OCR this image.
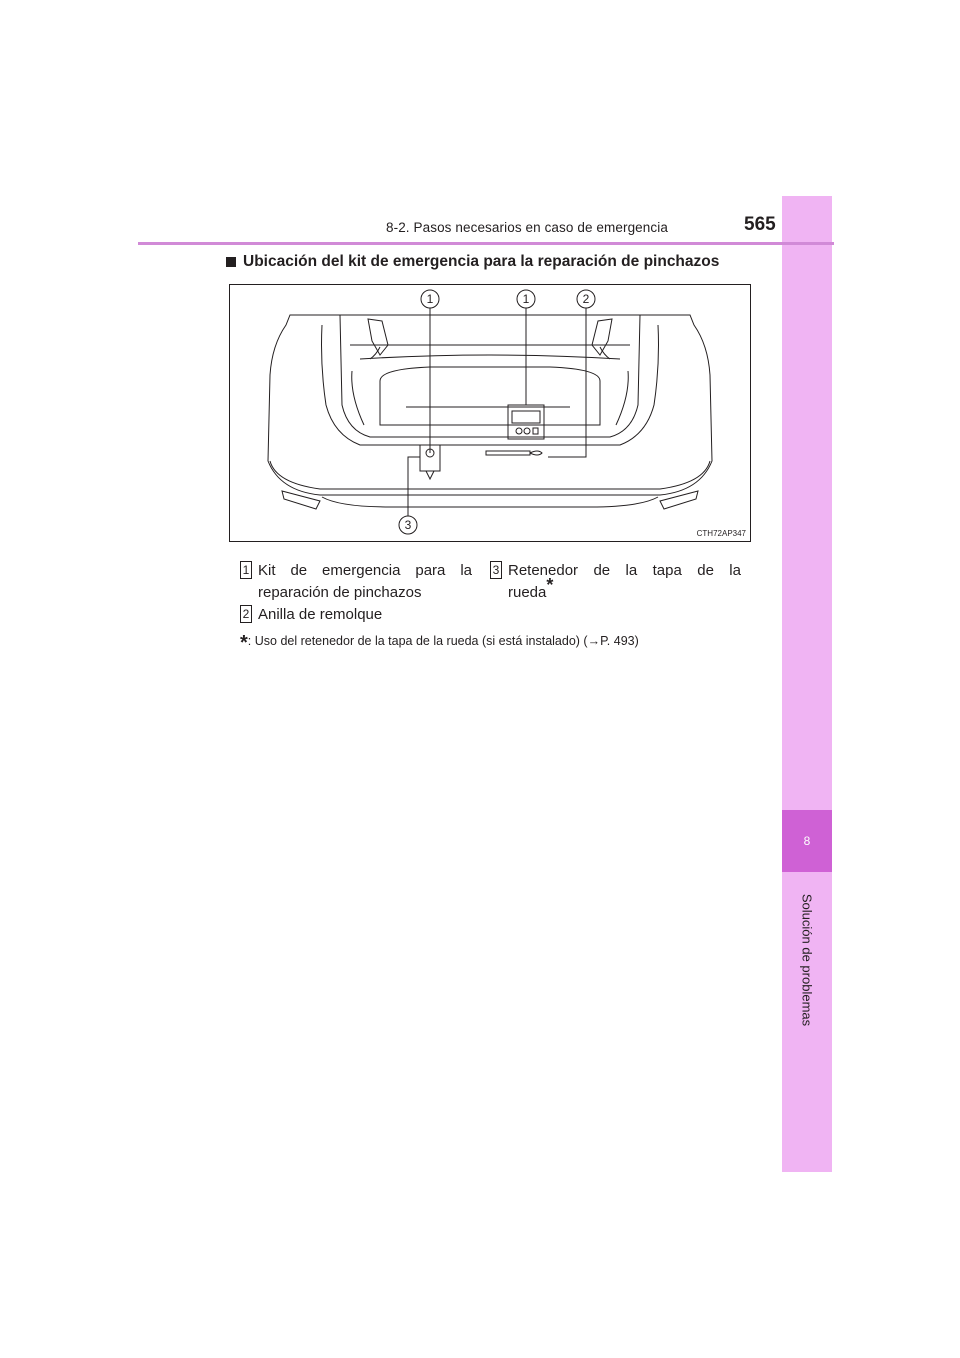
8
Solución de problemas
8-2. Pasos necesarios en caso de emergencia	565
Ubicación del kit de emergencia para la reparación de pinchazos
1	1	2
3
CTH72AP347
1 Kit de emergencia para la
reparación de pinchazos
3 Retenedor de la tapa de la
rueda*
2 Anilla de remolque
*: Uso del retenedor de la tapa de la rueda (si está instalado) (→P. 493)
